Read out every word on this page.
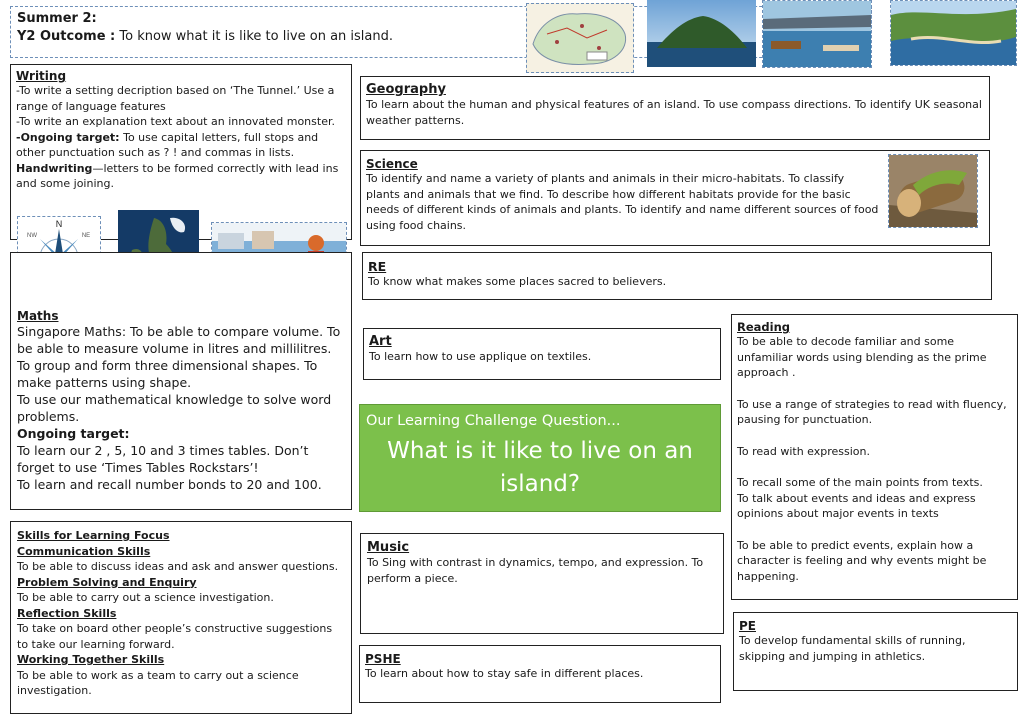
Summer 2:
Y2 Outcome : To know what it is like to live on an island.
Writing

-To write a setting decription based on ‘The Tunnel.’ Use a range of language features

-To write an explanation text about an innovated monster.

-Ongoing target: To use capital letters, full stops and other punctuation such as ? ! and commas in lists.

Handwriting—letters to be formed correctly with lead ins and some joining.

N
NW	NE
Maths

Singapore Maths: To be able to compare volume. To be able to measure volume in litres and millilitres.

To group and form three dimensional shapes. To make patterns using shape.

To use our mathematical knowledge to solve word problems.

Ongoing target:

To learn our 2 , 5, 10 and 3 times tables. Don’t forget to use ‘Times Tables Rockstars’!

To learn and recall number bonds to 20 and 100.

Skills for Learning Focus

Communication Skills

To be able to discuss ideas and ask and answer questions.

Problem Solving and Enquiry

To be able to carry out a science investigation.

Reflection Skills

To take on board other people’s constructive suggestions to take our learning forward.

Working Together Skills

To be able to work as a team to carry out a science investigation.

Geography

To learn about the human and physical features of an island. To use compass directions. To identify UK seasonal weather patterns.

Science

To identify and name a variety of plants and animals in their micro-habitats. To classify plants and animals that we find. To describe how different habitats provide for the basic needs of different kinds of animals and plants. To identify and name different sources of food using food chains.

RE

To know what makes some places sacred to believers.

Art

To learn how to use applique on textiles.

Our Learning Challenge Question...
What is it like to live on an island?
Music

To Sing with contrast in dynamics, tempo, and expression. To perform a piece.

PSHE

To learn about how to stay safe in different places.

Reading

To be able to decode familiar and some unfamiliar words using blending as the prime approach .

To use a range of strategies to read with fluency, pausing for punctuation.

To read with expression.

To recall some of the main points from texts.

To talk about events and ideas and express opinions about major events in texts

To be able to predict events, explain how a character is feeling and why events might be happening.

PE

To develop fundamental skills of running, skipping and jumping in athletics.
